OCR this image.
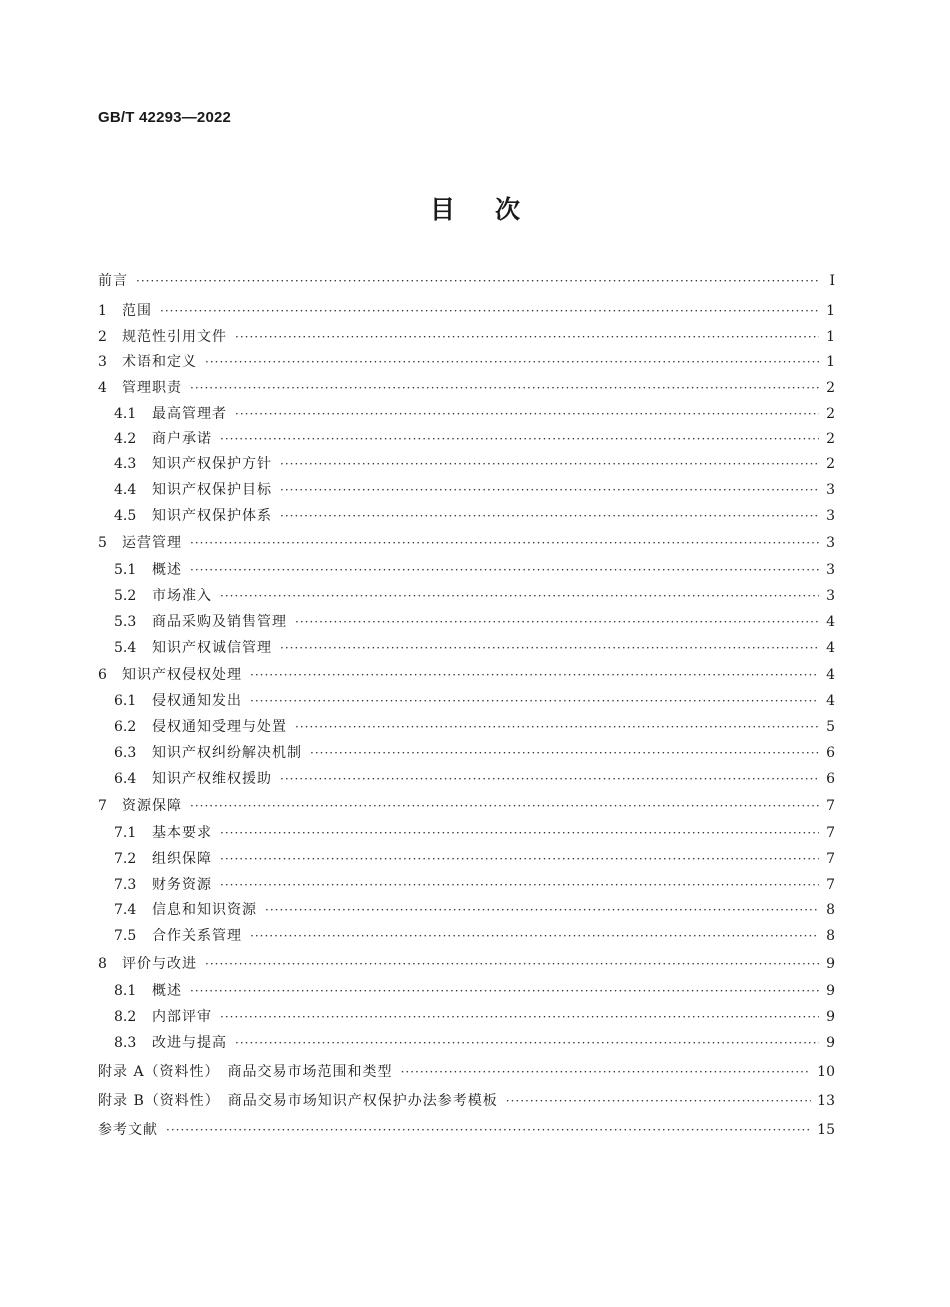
GB/T 42293—2022
目次
前言 ·····	I
1	范围 ·····	1
2	规范性引用文件 ·····	1
3	术语和定义 ·····	1
4	管理职责 ·····	2
4.1	最高管理者 ·····	2
4.2	商户承诺 ·····	2
4.3	知识产权保护方针 ·····	2
4.4	知识产权保护目标 ·····	3
4.5	知识产权保护体系 ·····	3
5	运营管理 ·····	3
5.1	概述 ·····	3
5.2	市场准入 ·····	3
5.3	商品采购及销售管理 ·····	4
5.4	知识产权诚信管理 ·····	4
6	知识产权侵权处理 ·····	4
6.1	侵权通知发出 ·····	4
6.2	侵权通知受理与处置 ·····	5
6.3	知识产权纠纷解决机制 ·····	6
6.4	知识产权维权援助 ·····	6
7	资源保障 ·····	7
7.1	基本要求 ·····	7
7.2	组织保障 ·····	7
7.3	财务资源 ·····	7
7.4	信息和知识资源 ·····	8
7.5	合作关系管理 ·····	8
8	评价与改进 ·····	9
8.1	概述 ·····	9
8.2	内部评审 ·····	9
8.3	改进与提高 ·····	9
附录 A（资料性）　商品交易市场范围和类型 ·····	10
附录 B（资料性）　商品交易市场知识产权保护办法参考模板 ·····	13
参考文献 ·····	15
